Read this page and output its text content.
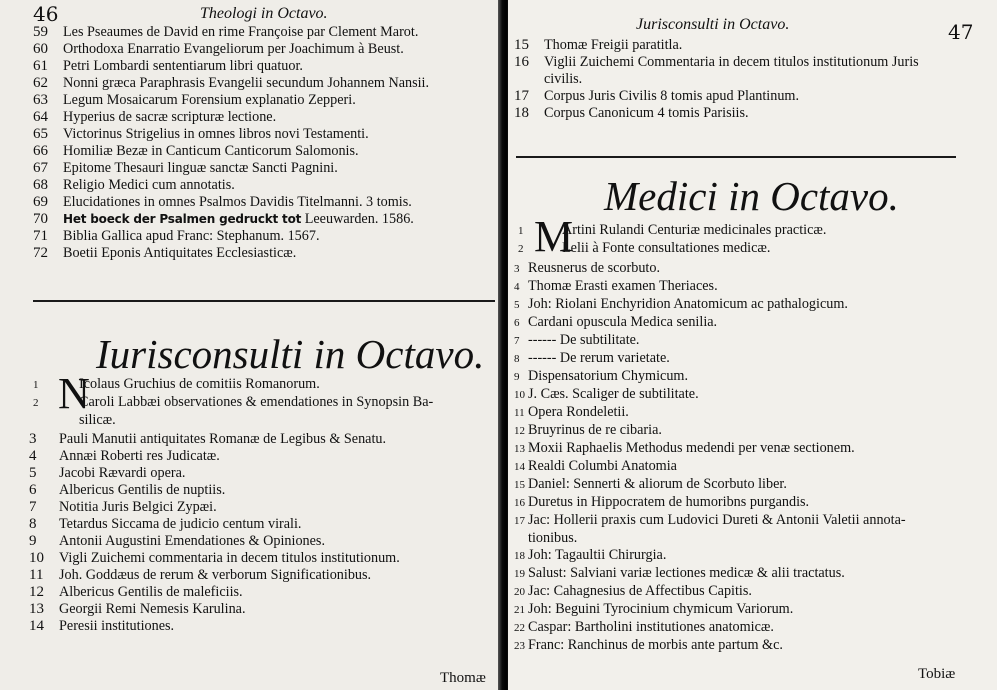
46	Theologi in Octavo.
59 Les Pseaumes de David en rime Françoise par Clement Marot.
60 Orthodoxa Enarratio Evangeliorum per Joachimum à Beust.
61 Petri Lombardi sententiarum libri quatuor.
62 Nonni græca Paraphrasis Evangelii secundum Johannem Nansii.
63 Legum Mosaicarum Forensium explanatio Zepperi.
64 Hyperius de sacræ scripturæ lectione.
65 Victorinus Strigelius in omnes libros novi Testamenti.
66 Homiliæ Bezæ in Canticum Canticorum Salomonis.
67 Epitome Thesauri linguæ sanctæ Sancti Pagnini.
68 Religio Medici cum annotatis.
69 Elucidationes in omnes Psalmos Davidis Titelmanni. 3 tomis.
70 Het boeck der Psalmen gedruckt tot Leeuwarden. 1586.
71 Biblia Gallica apud Franc: Stephanum. 1567.
72 Boetii Eponis Antiquitates Ecclesiasticæ.
Iurisconsulti in Octavo.
N
1	Icolaus Gruchius de comitiis Romanorum.
2	Caroli Labbæi observationes & emendationes in Synopsin Ba-
silicæ.
3 Pauli Manutii antiquitates Romanæ de Legibus & Senatu.
4 Annæi Roberti res Judicatæ.
5 Jacobi Rævardi opera.
6 Albericus Gentilis de nuptiis.
7 Notitia Juris Belgici Zypæi.
8 Tetardus Siccama de judicio centum virali.
9 Antonii Augustini Emendationes & Opiniones.
10 Vigli Zuichemi commentaria in decem titulos institutionum.
11 Joh. Goddæus de rerum & verborum Significationibus.
12 Albericus Gentilis de maleficiis.
13 Georgii Remi Nemesis Karulina.
14 Peresii institutiones.
Thomæ
Jurisconsulti in Octavo.	47
15 Thomæ Freigii paratitla.
16 Viglii Zuichemi Commentaria in decem titulos institutionum Juris
civilis.
17 Corpus Juris Civilis 8 tomis apud Plantinum.
18 Corpus Canonicum 4 tomis Parisiis.
Medici in Octavo.
M
1	Artini Rulandi Centuriæ medicinales practicæ.
2	Lelii à Fonte consultationes medicæ.
3 Reusnerus de scorbuto.
4 Thomæ Erasti examen Theriaces.
5 Joh: Riolani Enchyridion Anatomicum ac pathalogicum.
6 Cardani opuscula Medica senilia.
7 ------ De subtilitate.
8 ------ De rerum varietate.
9 Dispensatorium Chymicum.
10 J. Cæs. Scaliger de subtilitate.
11 Opera Rondeletii.
12 Bruyrinus de re cibaria.
13 Moxii Raphaelis Methodus medendi per venæ sectionem.
14 Realdi Columbi Anatomia
15 Daniel: Sennerti & aliorum de Scorbuto liber.
16 Duretus in Hippocratem de humoribns purgandis.
17 Jac: Hollerii praxis cum Ludovici Dureti & Antonii Valetii annota-
tionibus.
18 Joh: Tagaultii Chirurgia.
19 Salust: Salviani variæ lectiones medicæ & alii tractatus.
20 Jac: Cahagnesius de Affectibus Capitis.
21 Joh: Beguini Tyrocinium chymicum Variorum.
22 Caspar: Bartholini institutiones anatomicæ.
23 Franc: Ranchinus de morbis ante partum &c.
Tobiæ
